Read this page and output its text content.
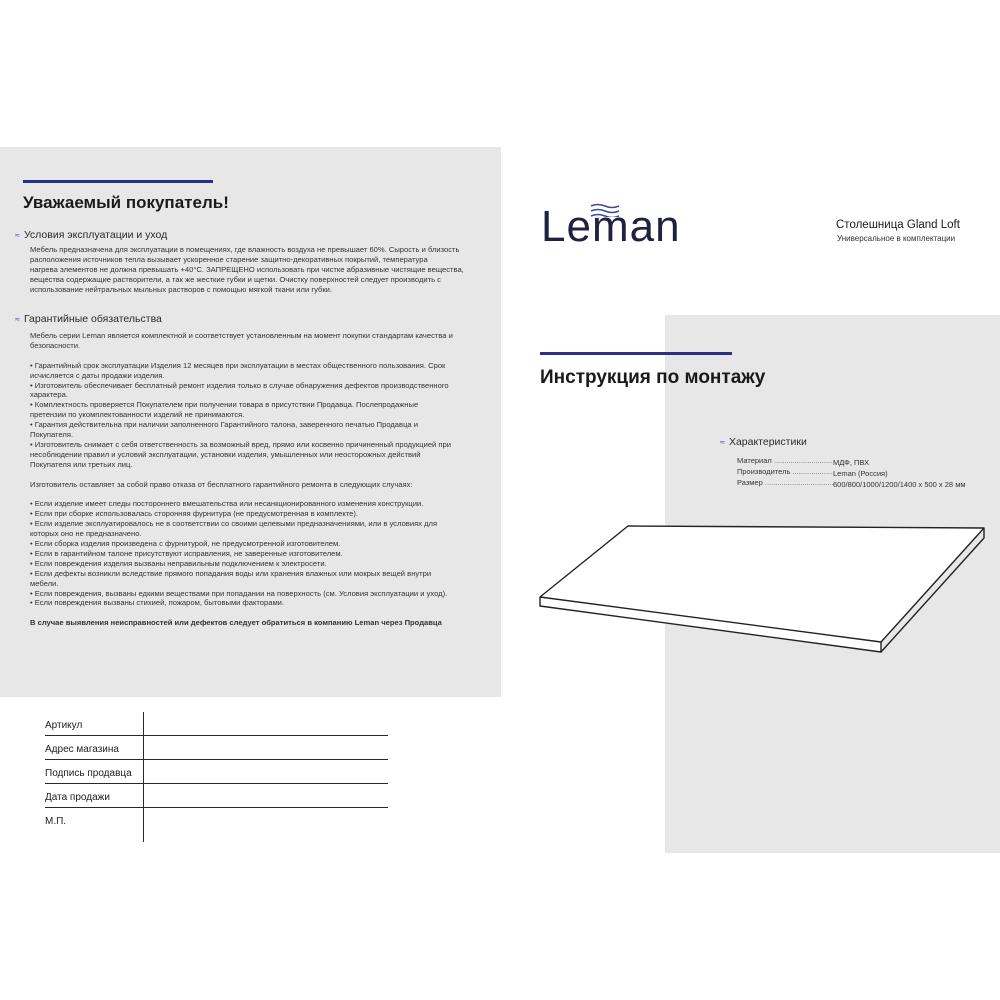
Уважаемый покупатель!
≈ Условия эксплуатации и уход

Мебель предназначена для эксплуатации в помещениях, где влажность воздуха не превышает 60%. Сырость и близость

расположения источников тепла вызывает ускоренное старение защитно-декоративных покрытий, температура

нагрева элементов не должна превышать +40°С. ЗАПРЕЩЕНО использовать при чистке абразивные чистящие вещества,

вещества содержащие растворители, а так же жесткие губки и щетки. Очистку поверхностей следует производить с

использование нейтральных мыльных растворов с помощью мягкой ткани или губки.

≈ Гарантийные обязательства

Мебель серии Leman является комплектной и соответствует установленным на момент покупки стандартам качества и

безопасности.

• Гарантийный срок эксплуатации Изделия 12 месяцев при эксплуатации в местах общественного пользования. Срок

исчисляется с даты продажи изделия.

• Изготовитель обеспечивает бесплатный ремонт изделия только в случае обнаружения дефектов производственного

характера.

• Комплектность проверяется Покупателем при получении товара в присутствии Продавца. Послепродажные

претензии по укомплектованности изделий не принимаются.

• Гарантия действительна при наличии заполненного Гарантийного талона, заверенного печатью Продавца и

Покупателя.

• Изготовитель снимает с себя ответственность за возможный вред, прямо или косвенно причиненный продукцией при

несоблюдении правил и условий эксплуатации, установки изделия, умышленных или неосторожных действий

Покупателя или третьих лиц.

Изготовитель оставляет за собой право отказа от бесплатного гарантийного ремонта в следующих случаях:

• Если изделие имеет следы постороннего вмешательства или несанкционированного изменения конструкции.

• Если при сборке использовалась сторонняя фурнитура (не предусмотренная в комплекте).

• Если изделие эксплуатировалось не в соответствии со своими целевыми предназначениями, или в условиях для

которых оно не предназначено.

• Если сборка изделия произведена с фурнитурой, не предусмотренной изготовителем.

• Если в гарантийном талоне присутствуют исправления, не заверенные изготовителем.

• Если повреждения изделия вызваны неправильным подключением к электросети.

• Если дефекты возникли вследствие прямого попадания воды или хранения влажных или мокрых вещей внутри

мебели.

• Если повреждения, вызваны едкими веществами при попадании на поверхность (см. Условия эксплуатации и уход).

• Если повреждения вызваны стихией, пожаром, бытовыми факторами.

В случае выявления неисправностей или дефектов следует обратиться в компанию Leman через Продавца

Артикул
Адрес магазина
Подпись продавца
Дата продажи
М.П.
Leman	Столешница Gland Loft
Универсальное в комплектации
Инструкция по монтажу
≈ Характеристики
Материал .....	МДФ, ПВХ
Производитель .....	Leman (Россия)
Размер .....	600/800/1000/1200/1400 х 500 х 28 мм
